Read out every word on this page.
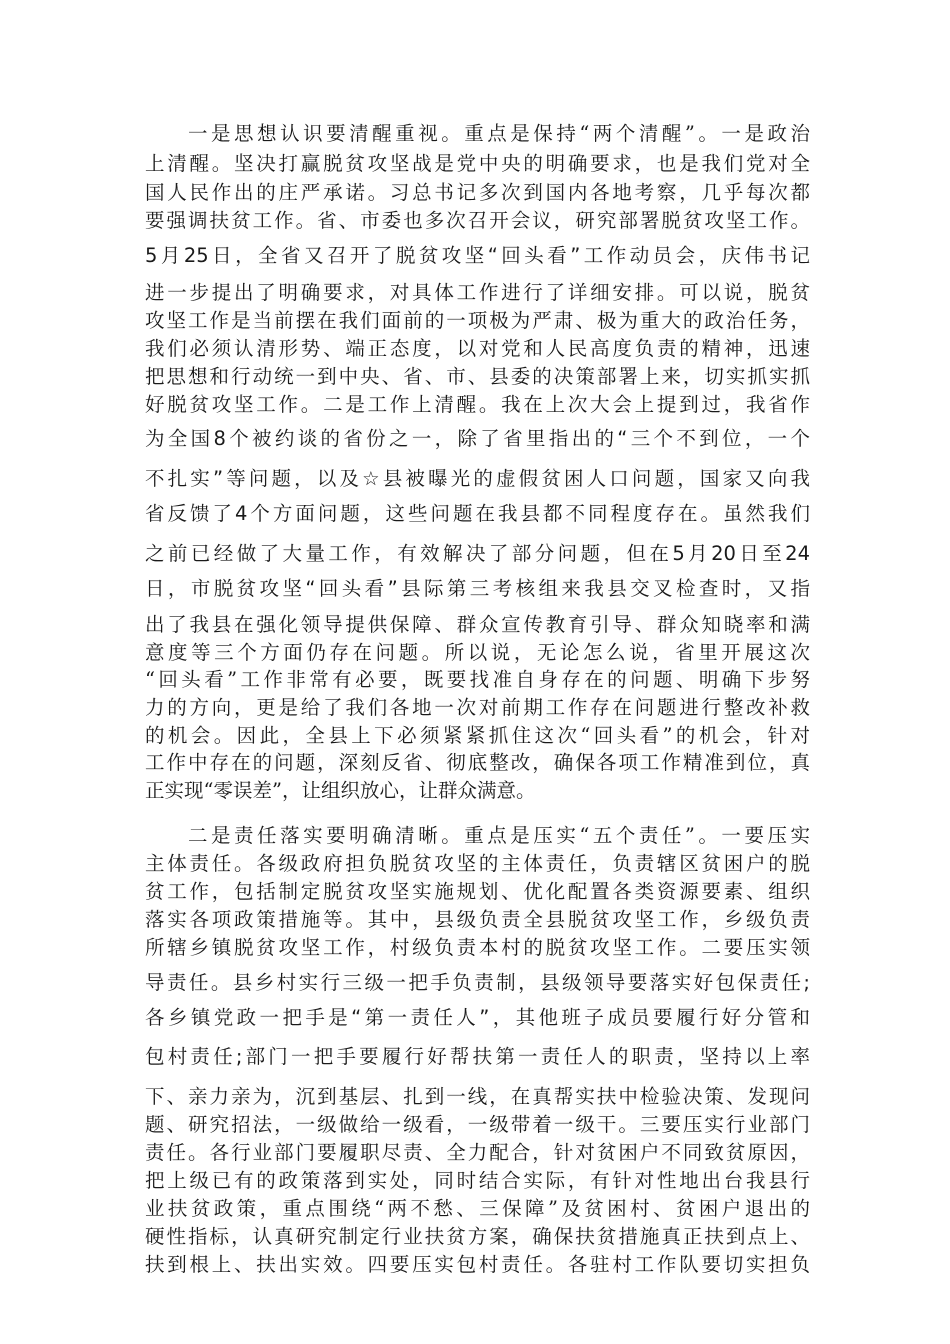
一是思想认识要清醒重视。重点是保持“两个清醒”。一是政治
上清醒。坚决打赢脱贫攻坚战是党中央的明确要求，也是我们党对全
国人民作出的庄严承诺。习总书记多次到国内各地考察，几乎每次都
要强调扶贫工作。省、市委也多次召开会议，研究部署脱贫攻坚工作。
5月25日，全省又召开了脱贫攻坚“回头看”工作动员会，庆伟书记
进一步提出了明确要求，对具体工作进行了详细安排。可以说，脱贫
攻坚工作是当前摆在我们面前的一项极为严肃、极为重大的政治任务，
我们必须认清形势、端正态度，以对党和人民高度负责的精神，迅速
把思想和行动统一到中央、省、市、县委的决策部署上来，切实抓实抓
好脱贫攻坚工作。二是工作上清醒。我在上次大会上提到过，我省作
为全国8个被约谈的省份之一，除了省里指出的“三个不到位，一个
不扎实”等问题，以及☆县被曝光的虚假贫困人口问题，国家又向我
省反馈了4个方面问题，这些问题在我县都不同程度存在。虽然我们
之前已经做了大量工作，有效解决了部分问题，但在5月20日至24
日，市脱贫攻坚“回头看”县际第三考核组来我县交叉检查时，又指
出了我县在强化领导提供保障、群众宣传教育引导、群众知晓率和满
意度等三个方面仍存在问题。所以说，无论怎么说，省里开展这次
“回头看”工作非常有必要，既要找准自身存在的问题、明确下步努
力的方向，更是给了我们各地一次对前期工作存在问题进行整改补救
的机会。因此，全县上下必须紧紧抓住这次“回头看”的机会，针对
工作中存在的问题，深刻反省、彻底整改，确保各项工作精准到位，真
正实现“零误差”，让组织放心，让群众满意。
二是责任落实要明确清晰。重点是压实“五个责任”。一要压实
主体责任。各级政府担负脱贫攻坚的主体责任，负责辖区贫困户的脱
贫工作，包括制定脱贫攻坚实施规划、优化配置各类资源要素、组织
落实各项政策措施等。其中，县级负责全县脱贫攻坚工作，乡级负责
所辖乡镇脱贫攻坚工作，村级负责本村的脱贫攻坚工作。二要压实领
导责任。县乡村实行三级一把手负责制，县级领导要落实好包保责任;
各乡镇党政一把手是“第一责任人”，其他班子成员要履行好分管和
包村责任;部门一把手要履行好帮扶第一责任人的职责，坚持以上率
下、亲力亲为，沉到基层、扎到一线，在真帮实扶中检验决策、发现问
题、研究招法，一级做给一级看，一级带着一级干。三要压实行业部门
责任。各行业部门要履职尽责、全力配合，针对贫困户不同致贫原因，
把上级已有的政策落到实处，同时结合实际，有针对性地出台我县行
业扶贫政策，重点围绕“两不愁、三保障”及贫困村、贫困户退出的
硬性指标，认真研究制定行业扶贫方案，确保扶贫措施真正扶到点上、
扶到根上、扶出实效。四要压实包村责任。各驻村工作队要切实担负
